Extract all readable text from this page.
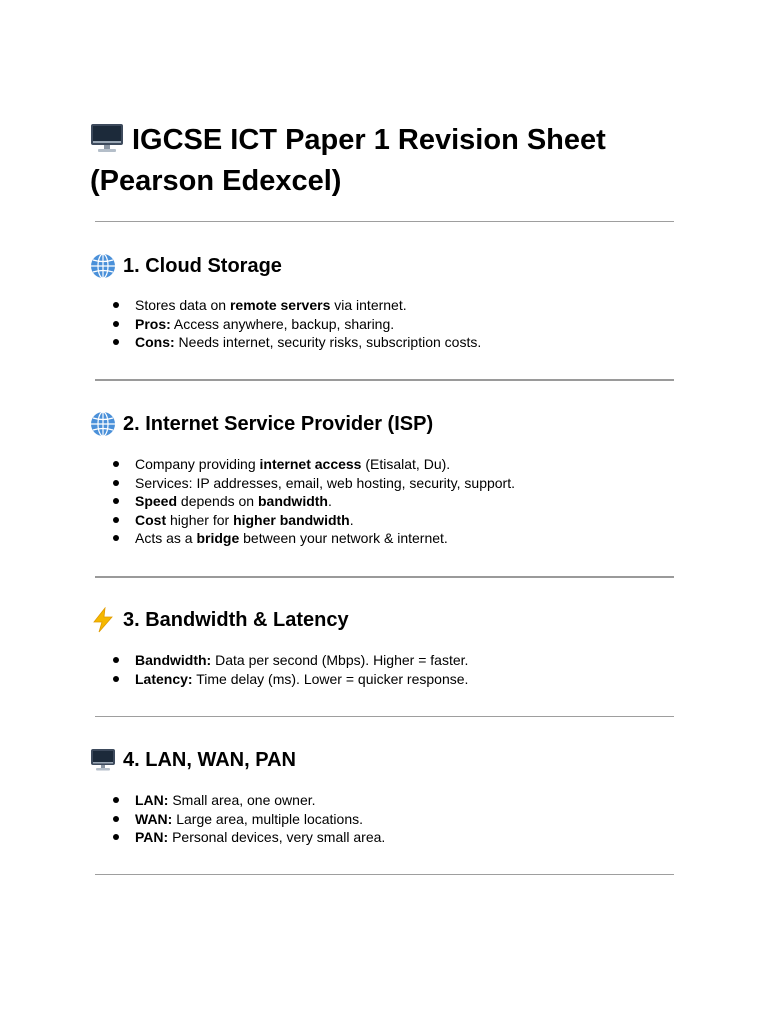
IGCSE ICT Paper 1 Revision Sheet (Pearson Edexcel)
1. Cloud Storage
Stores data on remote servers via internet.
Pros: Access anywhere, backup, sharing.
Cons: Needs internet, security risks, subscription costs.
2. Internet Service Provider (ISP)
Company providing internet access (Etisalat, Du).
Services: IP addresses, email, web hosting, security, support.
Speed depends on bandwidth.
Cost higher for higher bandwidth.
Acts as a bridge between your network & internet.
3. Bandwidth & Latency
Bandwidth: Data per second (Mbps). Higher = faster.
Latency: Time delay (ms). Lower = quicker response.
4. LAN, WAN, PAN
LAN: Small area, one owner.
WAN: Large area, multiple locations.
PAN: Personal devices, very small area.
